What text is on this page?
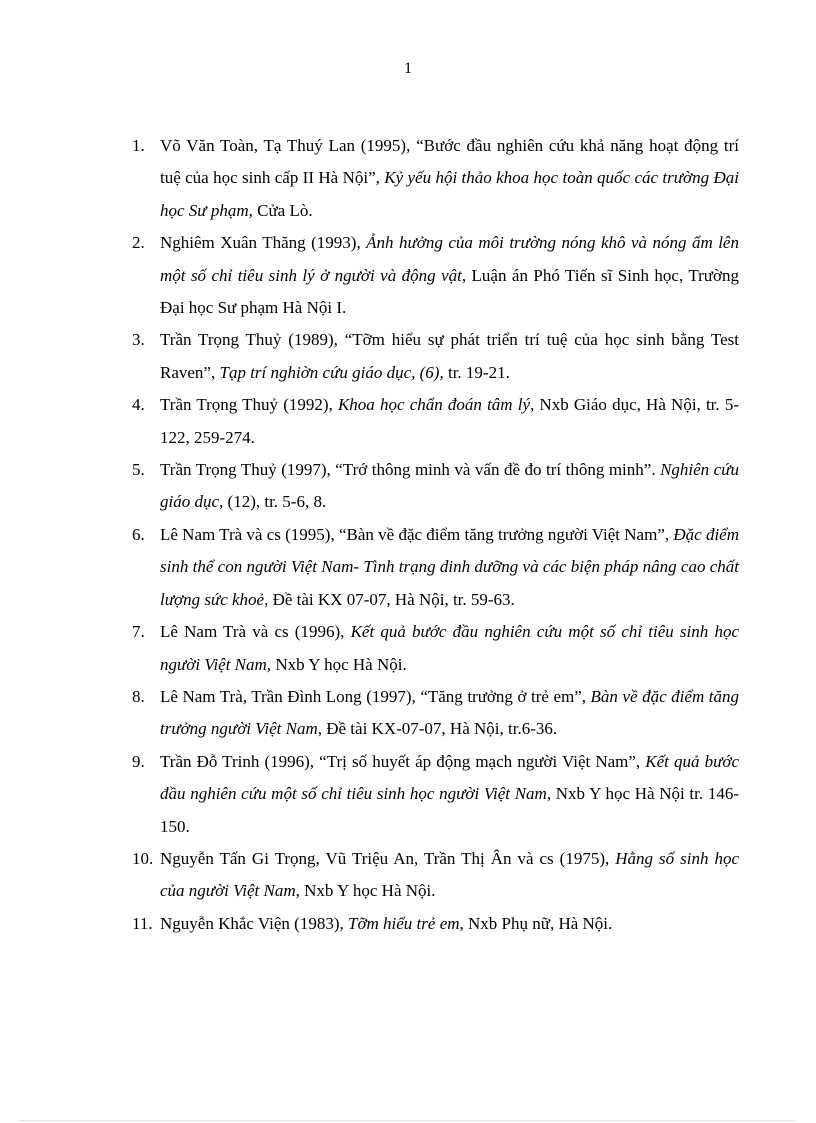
1
1. Võ Văn Toàn, Tạ Thuý Lan (1995), “Bước đầu nghiên cứu khả năng hoạt động trí tuệ của học sinh cấp II Hà Nội”, Kỷ yếu hội thảo khoa học toàn quốc các trường Đại học Sư phạm, Cửa Lò.
2. Nghiêm Xuân Thăng (1993), Ảnh hưởng của môi trường nóng khô và nóng ẩm lên một số chỉ tiêu sinh lý ở người và động vật, Luận án Phó Tiến sĩ Sinh học, Trường Đại học Sư phạm Hà Nội I.
3. Trần Trọng Thuỷ (1989), “Tỡm hiểu sự phát triển trí tuệ của học sinh bằng Test Raven”, Tạp trí nghiờn cứu giáo dục, (6), tr. 19-21.
4. Trần Trọng Thuỷ (1992), Khoa học chẩn đoán tâm lý, Nxb Giáo dục, Hà Nội, tr. 5-122, 259-274.
5. Trần Trọng Thuỷ (1997), “Trớ thông minh và vấn đề đo trí thông minh”. Nghiên cứu giáo dục, (12), tr. 5-6, 8.
6. Lê Nam Trà và cs (1995), “Bàn về đặc điểm tăng trưởng người Việt Nam”, Đặc điểm sinh thể con người Việt Nam- Tình trạng dinh dưỡng và các biện pháp nâng cao chất lượng sức khoẻ, Đề tài KX 07-07, Hà Nội, tr. 59-63.
7. Lê Nam Trà và cs (1996), Kết quả bước đầu nghiên cứu một số chỉ tiêu sinh học người Việt Nam, Nxb Y học Hà Nội.
8. Lê Nam Trà, Trần Đình Long (1997), “Tăng trưởng ở trẻ em”, Bàn về đặc điểm tăng trưởng người Việt Nam, Đề tài KX-07-07, Hà Nội, tr.6-36.
9. Trần Đỗ Trinh (1996), “Trị số huyết áp động mạch người Việt Nam”, Kết quả bước đầu nghiên cứu một số chỉ tiêu sinh học người Việt Nam, Nxb Y học Hà Nội tr. 146-150.
10. Nguyễn Tấn Gi Trọng, Vũ Triệu An, Trần Thị Ân và cs (1975), Hằng số sinh học của người Việt Nam, Nxb Y học Hà Nội.
11. Nguyễn Khắc Viện (1983), Tỡm hiểu trẻ em, Nxb Phụ nữ, Hà Nội.
